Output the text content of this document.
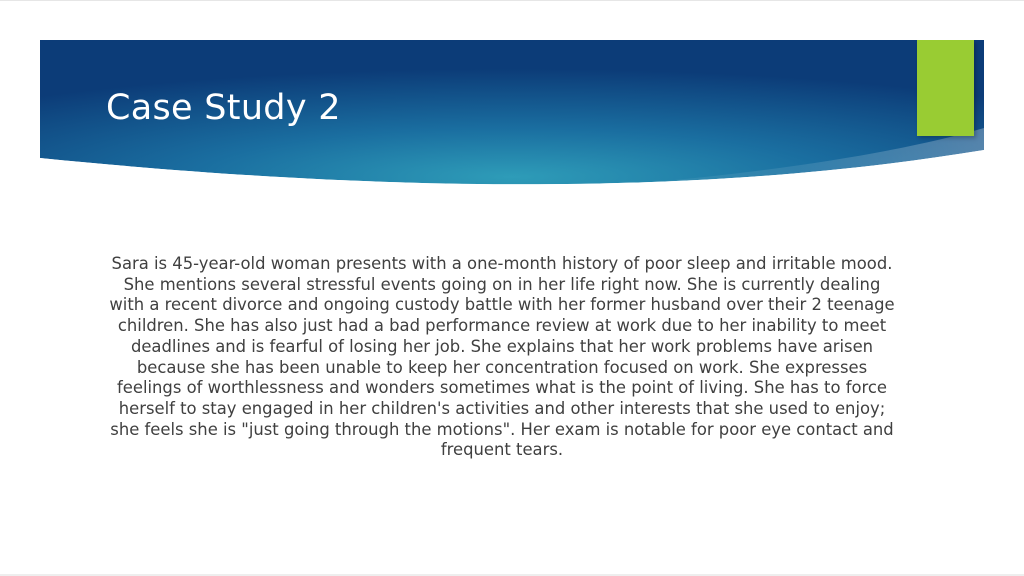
Case Study 2

Sara is 45-year-old woman presents with a one-month history of poor sleep and irritable mood. She mentions several stressful events going on in her life right now. She is currently dealing with a recent divorce and ongoing custody battle with her former husband over their 2 teenage children. She has also just had a bad performance review at work due to her inability to meet deadlines and is fearful of losing her job. She explains that her work problems have arisen because she has been unable to keep her concentration focused on work. She expresses feelings of worthlessness and wonders sometimes what is the point of living. She has to force herself to stay engaged in her children's activities and other interests that she used to enjoy; she feels she is "just going through the motions". Her exam is notable for poor eye contact and frequent tears.
